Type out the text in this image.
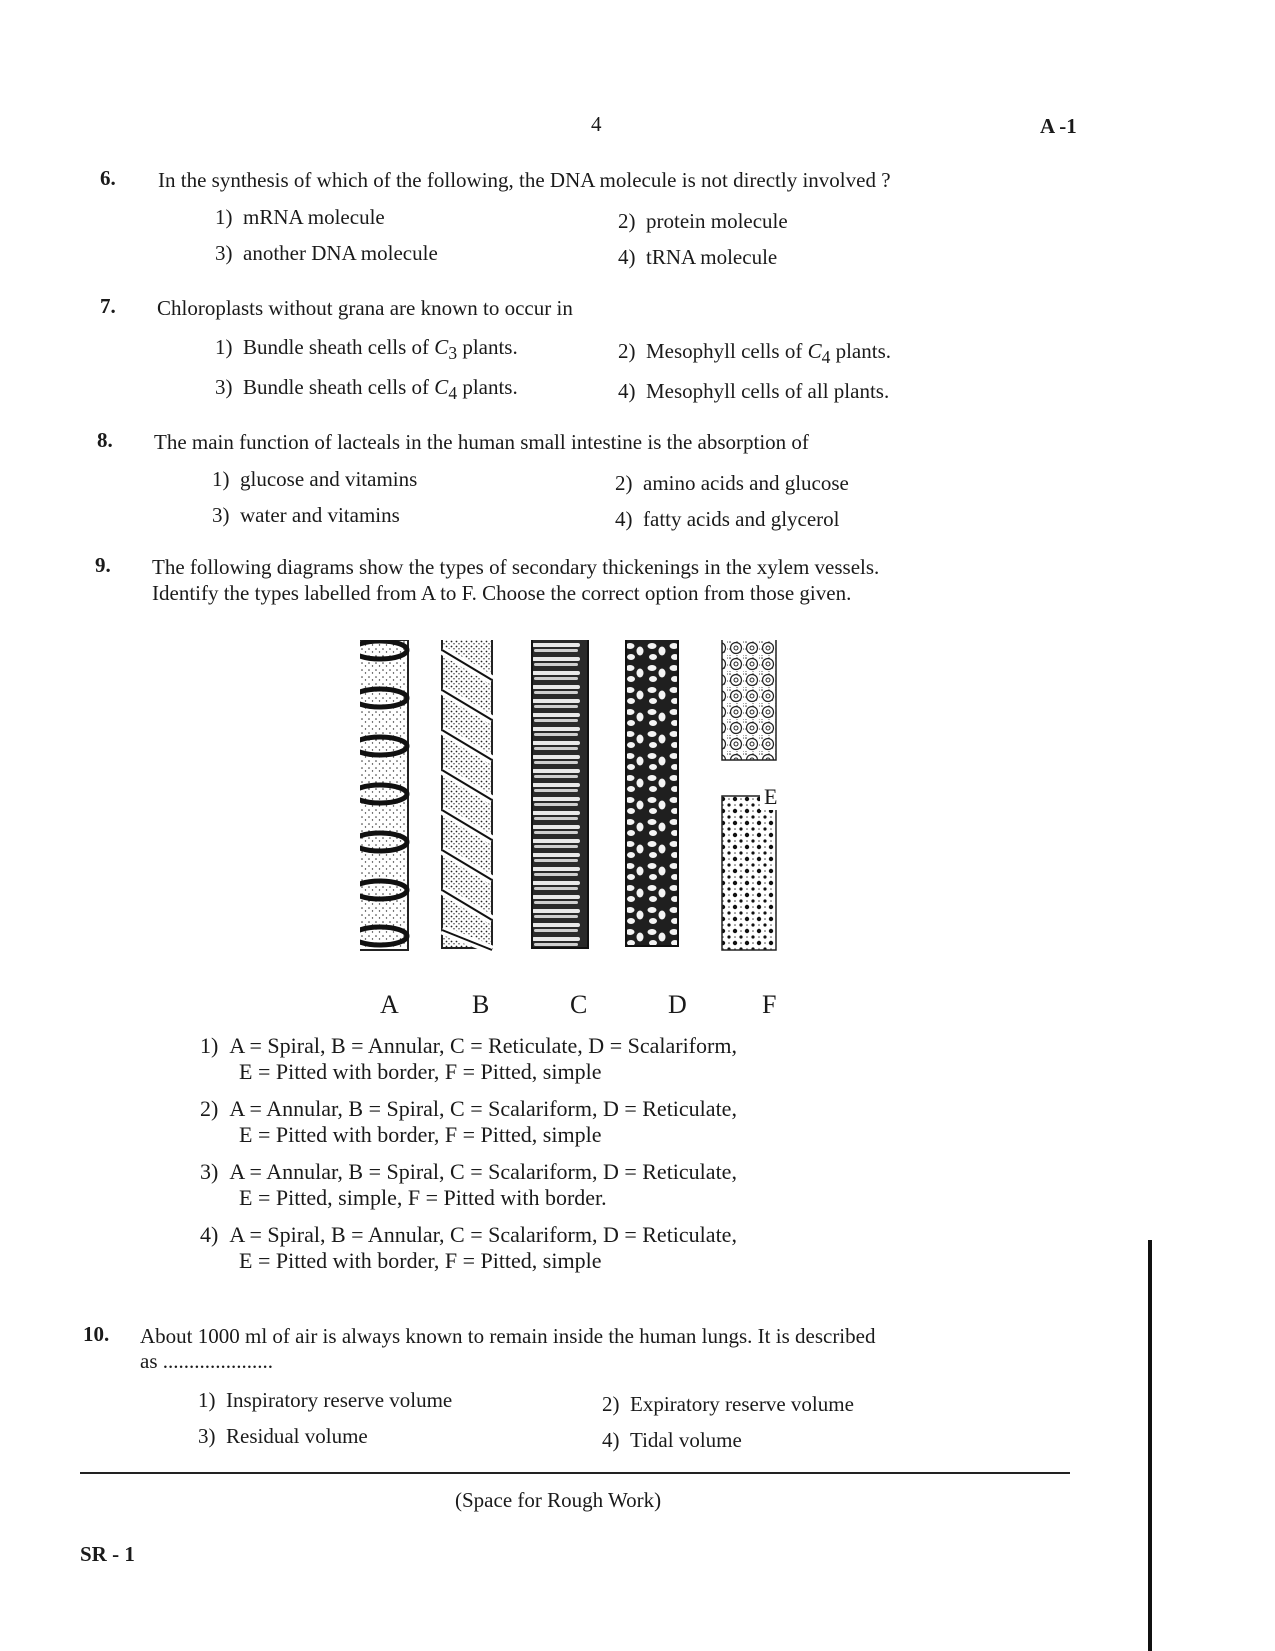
4	A -1
6. In the synthesis of which of the following, the DNA molecule is not directly involved ?
1) mRNA molecule	2) protein molecule
3) another DNA molecule	4) tRNA molecule
7. Chloroplasts without grana are known to occur in
1) Bundle sheath cells of $C_3$ plants.	2) Mesophyll cells of $C_4$ plants.
3) Bundle sheath cells of $C_4$ plants.	4) Mesophyll cells of all plants.
8. The main function of lacteals in the human small intestine is the absorption of
1) glucose and vitamins	2) amino acids and glucose
3) water and vitamins	4) fatty acids and glycerol
9. The following diagrams show the types of secondary thickenings in the xylem vessels.
Identify the types labelled from A to F. Choose the correct option from those given.
A	B	C	D
E
F
1) A = Spiral, B = Annular, C = Reticulate, D = Scalariform,
E = Pitted with border, F = Pitted, simple
2) A = Annular, B = Spiral, C = Scalariform, D = Reticulate,
E = Pitted with border, F = Pitted, simple
3) A = Annular, B = Spiral, C = Scalariform, D = Reticulate,
E = Pitted, simple, F = Pitted with border.
4) A = Spiral, B = Annular, C = Scalariform, D = Reticulate,
E = Pitted with border, F = Pitted, simple
10. About 1000 ml of air is always known to remain inside the human lungs. It is described
as .....................
1) Inspiratory reserve volume	2) Expiratory reserve volume
3) Residual volume	4) Tidal volume
(Space for Rough Work)
SR - 1
